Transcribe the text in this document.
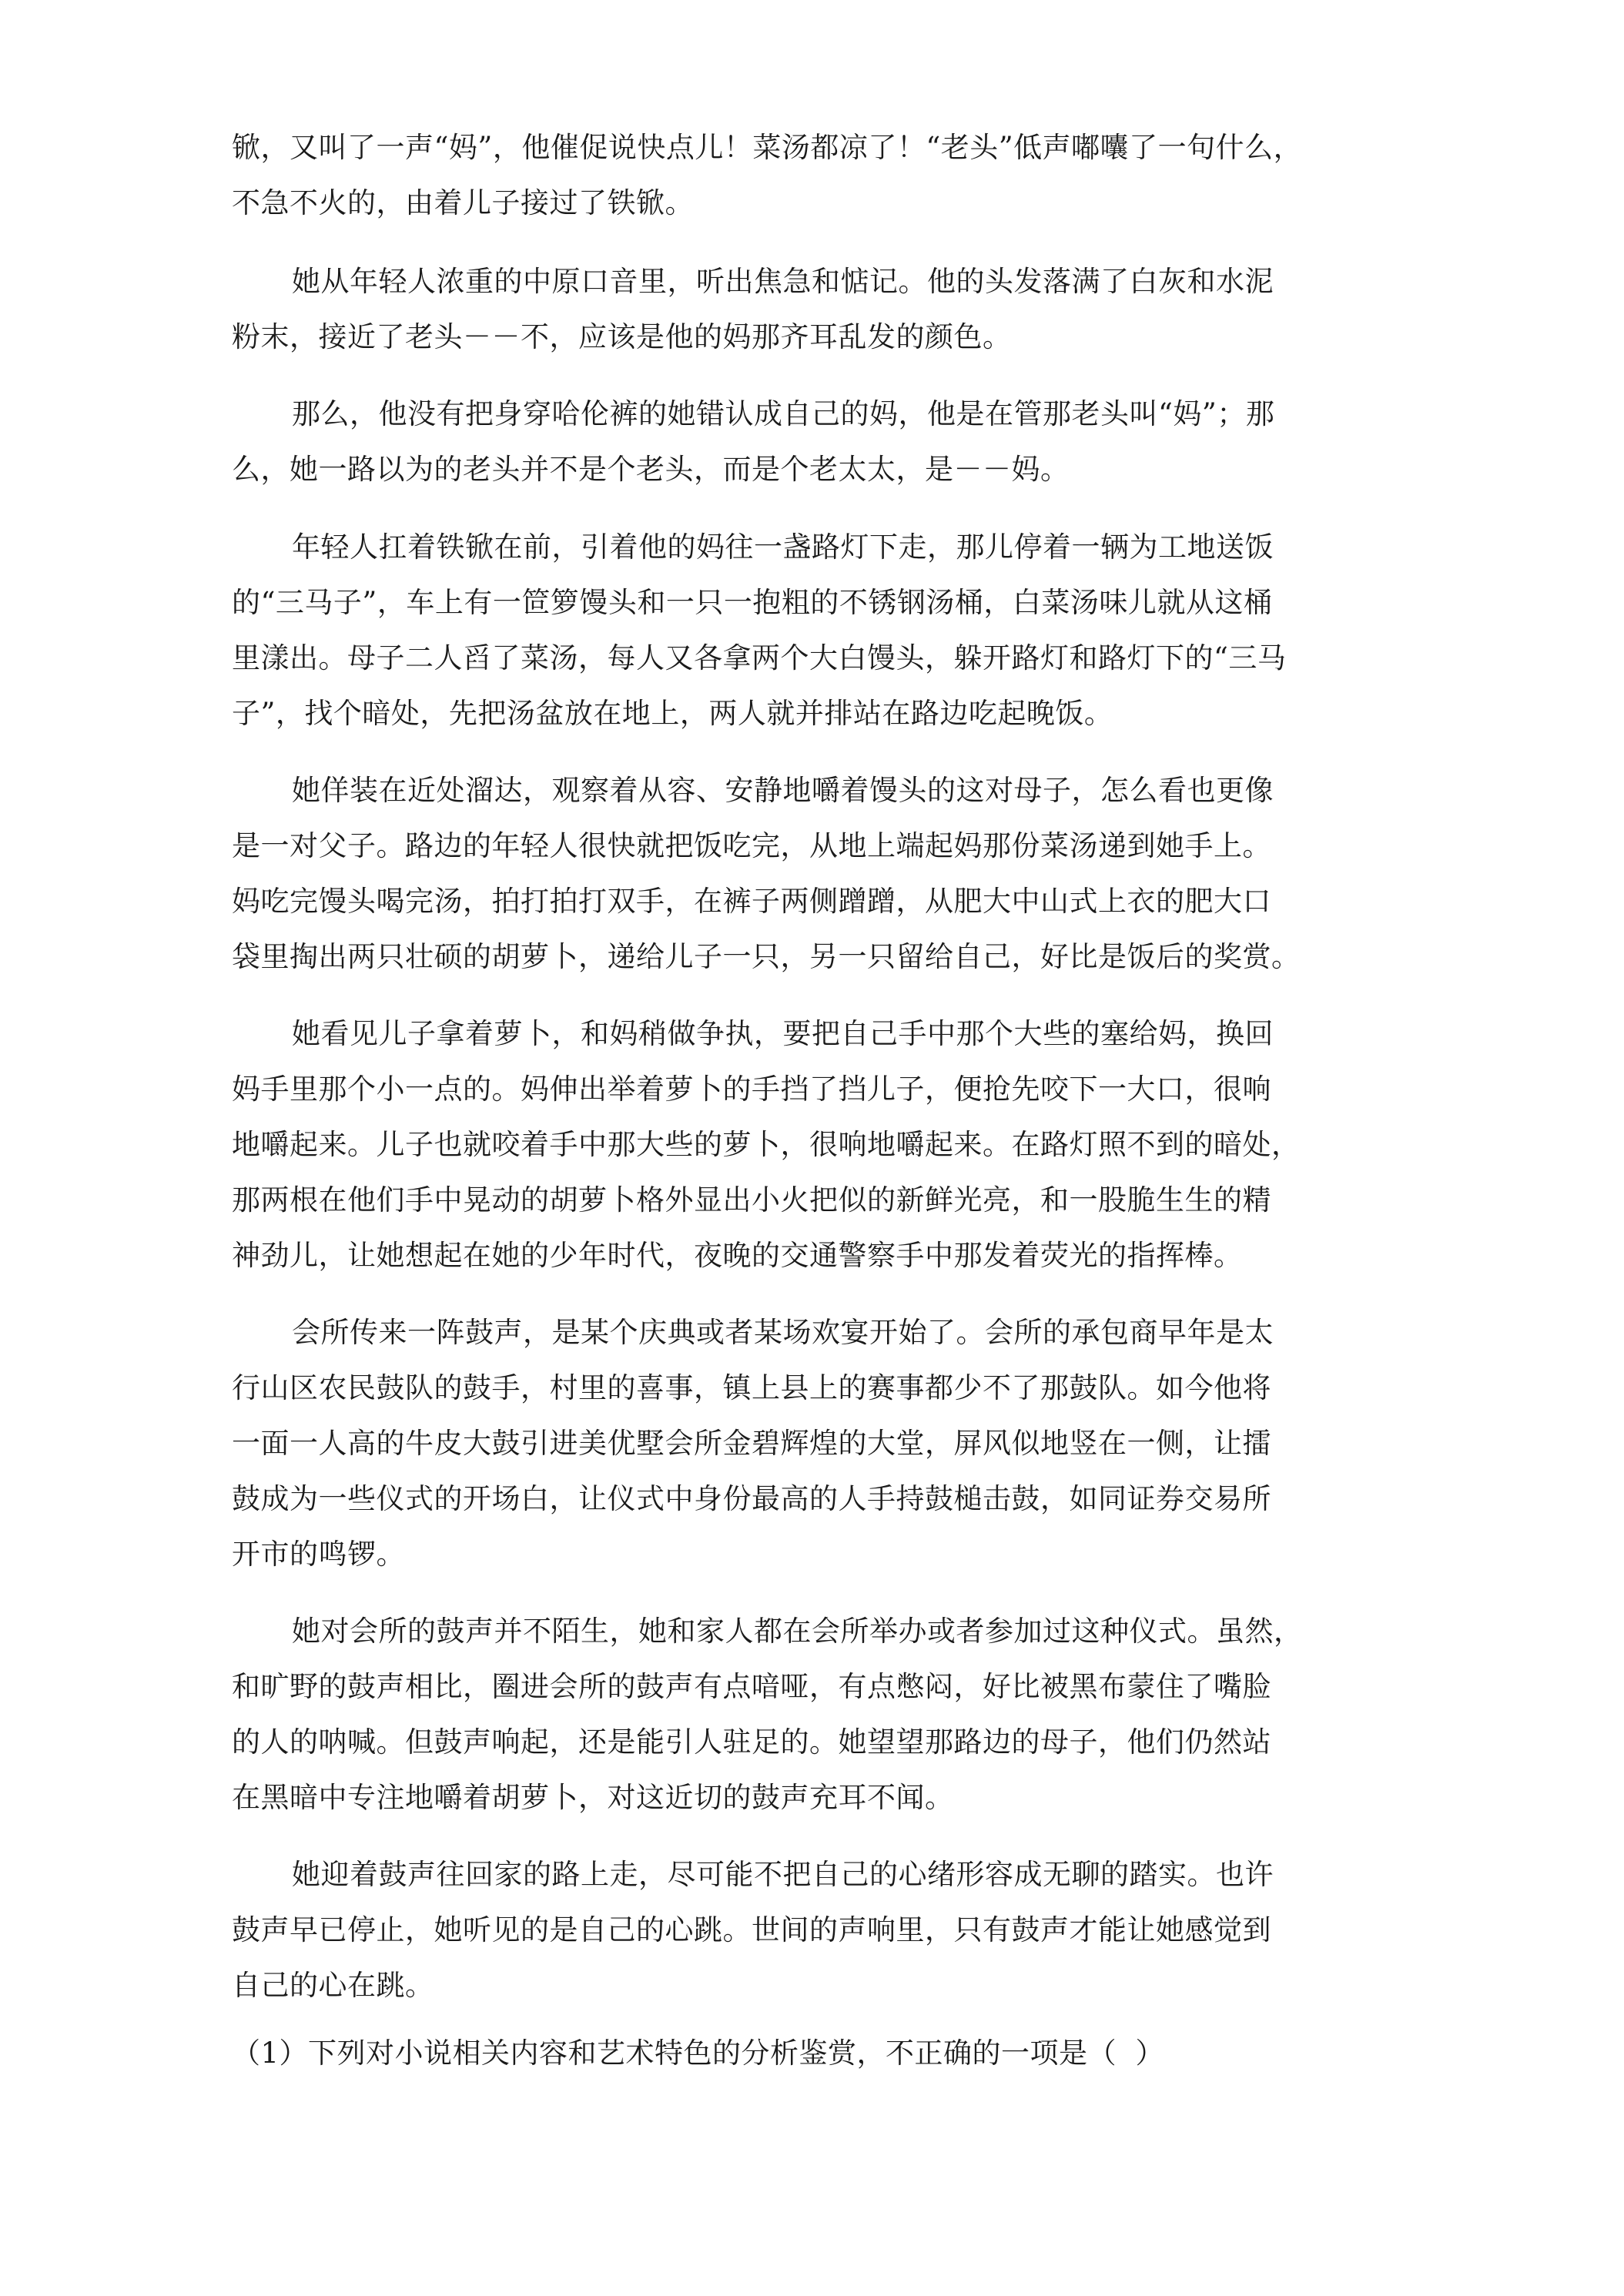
锨，又叫了一声“妈”，他催促说快点儿！菜汤都凉了！“老头”低声嘟囔了一句什么，
不急不火的，由着儿子接过了铁锨。
她从年轻人浓重的中原口音里，听出焦急和惦记。他的头发落满了白灰和水泥
粉末，接近了老头－－不，应该是他的妈那齐耳乱发的颜色。
那么，他没有把身穿哈伦裤的她错认成自己的妈，他是在管那老头叫“妈”；那
么，她一路以为的老头并不是个老头，而是个老太太，是－－妈。
年轻人扛着铁锨在前，引着他的妈往一盏路灯下走，那儿停着一辆为工地送饭
的“三马子”，车上有一笸箩馒头和一只一抱粗的不锈钢汤桶，白菜汤味儿就从这桶
里漾出。母子二人舀了菜汤，每人又各拿两个大白馒头，躲开路灯和路灯下的“三马
子”，找个暗处，先把汤盆放在地上，两人就并排站在路边吃起晚饭。
她佯装在近处溜达，观察着从容、安静地嚼着馒头的这对母子，怎么看也更像
是一对父子。路边的年轻人很快就把饭吃完，从地上端起妈那份菜汤递到她手上。
妈吃完馒头喝完汤，拍打拍打双手，在裤子两侧蹭蹭，从肥大中山式上衣的肥大口
袋里掏出两只壮硕的胡萝卜，递给儿子一只，另一只留给自己，好比是饭后的奖赏。
她看见儿子拿着萝卜，和妈稍做争执，要把自己手中那个大些的塞给妈，换回
妈手里那个小一点的。妈伸出举着萝卜的手挡了挡儿子，便抢先咬下一大口，很响
地嚼起来。儿子也就咬着手中那大些的萝卜，很响地嚼起来。在路灯照不到的暗处，
那两根在他们手中晃动的胡萝卜格外显出小火把似的新鲜光亮，和一股脆生生的精
神劲儿，让她想起在她的少年时代，夜晚的交通警察手中那发着荧光的指挥棒。
会所传来一阵鼓声，是某个庆典或者某场欢宴开始了。会所的承包商早年是太
行山区农民鼓队的鼓手，村里的喜事，镇上县上的赛事都少不了那鼓队。如今他将
一面一人高的牛皮大鼓引进美优墅会所金碧辉煌的大堂，屏风似地竖在一侧，让擂
鼓成为一些仪式的开场白，让仪式中身份最高的人手持鼓槌击鼓，如同证券交易所
开市的鸣锣。
她对会所的鼓声并不陌生，她和家人都在会所举办或者参加过这种仪式。虽然，
和旷野的鼓声相比，圈进会所的鼓声有点喑哑，有点憋闷，好比被黑布蒙住了嘴脸
的人的呐喊。但鼓声响起，还是能引人驻足的。她望望那路边的母子，他们仍然站
在黑暗中专注地嚼着胡萝卜，对这近切的鼓声充耳不闻。
她迎着鼓声往回家的路上走，尽可能不把自己的心绪形容成无聊的踏实。也许
鼓声早已停止，她听见的是自己的心跳。世间的声响里，只有鼓声才能让她感觉到
自己的心在跳。
（1）下列对小说相关内容和艺术特色的分析鉴赏，不正确的一项是（  ）
